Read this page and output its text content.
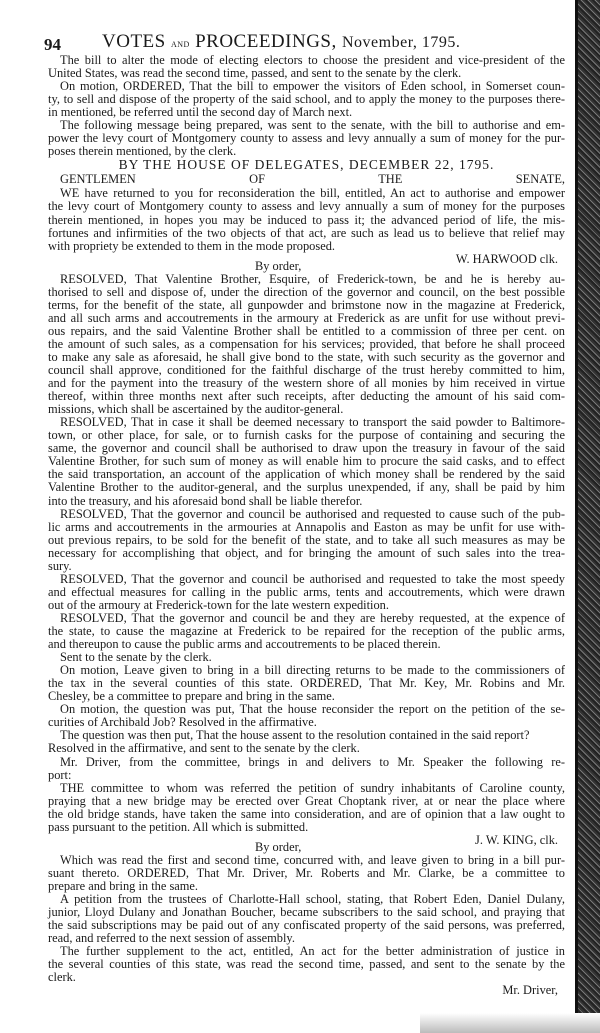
94 VOTES and PROCEEDINGS, November, 1795.
The bill to alter the mode of electing electors to choose the president and vice-president of the
United States, was read the second time, passed, and sent to the senate by the clerk.
On motion, ORDERED, That the bill to empower the visitors of Eden school, in Somerset coun-
ty, to sell and dispose of the property of the said school, and to apply the money to the purposes there-
in mentioned, be referred until the second day of March next.
The following message being prepared, was sent to the senate, with the bill to authorise and em-
power the levy court of Montgomery county to assess and levy annually a sum of money for the pur-
poses therein mentioned, by the clerk.
BY THE HOUSE OF DELEGATES, DECEMBER 22, 1795.
GENTLEMEN OF THE SENATE,
WE have returned to you for reconsideration the bill, entitled, An act to authorise and empower
the levy court of Montgomery county to assess and levy annually a sum of money for the purposes
therein mentioned, in hopes you may be induced to pass it; the advanced period of life, the mis-
fortunes and infirmities of the two objects of that act, are such as lead us to believe that relief may
with propriety be extended to them in the mode proposed.
W. HARWOOD clk.
By order,
RESOLVED, That Valentine Brother, Esquire, of Frederick-town, be and he is hereby au-
thorised to sell and dispose of, under the direction of the governor and council, on the best possible
terms, for the benefit of the state, all gunpowder and brimstone now in the magazine at Frederick,
and all such arms and accoutrements in the armoury at Frederick as are unfit for use without previ-
ous repairs, and the said Valentine Brother shall be entitled to a commission of three per cent. on
the amount of such sales, as a compensation for his services; provided, that before he shall proceed
to make any sale as aforesaid, he shall give bond to the state, with such security as the governor and
council shall approve, conditioned for the faithful discharge of the trust hereby committed to him,
and for the payment into the treasury of the western shore of all monies by him received in virtue
thereof, within three months next after such receipts, after deducting the amount of his said com-
missions, which shall be ascertained by the auditor-general.
RESOLVED, That in case it shall be deemed necessary to transport the said powder to Baltimore-
town, or other place, for sale, or to furnish casks for the purpose of containing and securing the
same, the governor and council shall be authorised to draw upon the treasury in favour of the said
Valentine Brother, for such sum of money as will enable him to procure the said casks, and to effect
the said transportation, an account of the application of which money shall be rendered by the said
Valentine Brother to the auditor-general, and the surplus unexpended, if any, shall be paid by him
into the treasury, and his aforesaid bond shall be liable therefor.
RESOLVED, That the governor and council be authorised and requested to cause such of the pub-
lic arms and accoutrements in the armouries at Annapolis and Easton as may be unfit for use with-
out previous repairs, to be sold for the benefit of the state, and to take all such measures as may be
necessary for accomplishing that object, and for bringing the amount of such sales into the trea-
sury.
RESOLVED, That the governor and council be authorised and requested to take the most speedy
and effectual measures for calling in the public arms, tents and accoutrements, which were drawn
out of the armoury at Frederick-town for the late western expedition.
RESOLVED, That the governor and council be and they are hereby requested, at the expence of
the state, to cause the magazine at Frederick to be repaired for the reception of the public arms,
and thereupon to cause the public arms and accoutrements to be placed therein.
Sent to the senate by the clerk.
On motion, Leave given to bring in a bill directing returns to be made to the commissioners of
the tax in the several counties of this state. ORDERED, That Mr. Key, Mr. Robins and Mr.
Chesley, be a committee to prepare and bring in the same.
On motion, the question was put, That the house reconsider the report on the petition of the se-
curities of Archibald Job? Resolved in the affirmative.
The question was then put, That the house assent to the resolution contained in the said report?
Resolved in the affirmative, and sent to the senate by the clerk.
Mr. Driver, from the committee, brings in and delivers to Mr. Speaker the following re-
port:
THE committee to whom was referred the petition of sundry inhabitants of Caroline county,
praying that a new bridge may be erected over Great Choptank river, at or near the place where
the old bridge stands, have taken the same into consideration, and are of opinion that a law ought to
pass pursuant to the petition. All which is submitted.
J. W. KING, clk.
By order,
Which was read the first and second time, concurred with, and leave given to bring in a bill pur-
suant thereto. ORDERED, That Mr. Driver, Mr. Roberts and Mr. Clarke, be a committee to
prepare and bring in the same.
A petition from the trustees of Charlotte-Hall school, stating, that Robert Eden, Daniel Dulany,
junior, Lloyd Dulany and Jonathan Boucher, became subscribers to the said school, and praying that
the said subscriptions may be paid out of any confiscated property of the said persons, was preferred,
read, and referred to the next session of assembly.
The further supplement to the act, entitled, An act for the better administration of justice in
the several counties of this state, was read the second time, passed, and sent to the senate by the
clerk.
Mr. Driver,
